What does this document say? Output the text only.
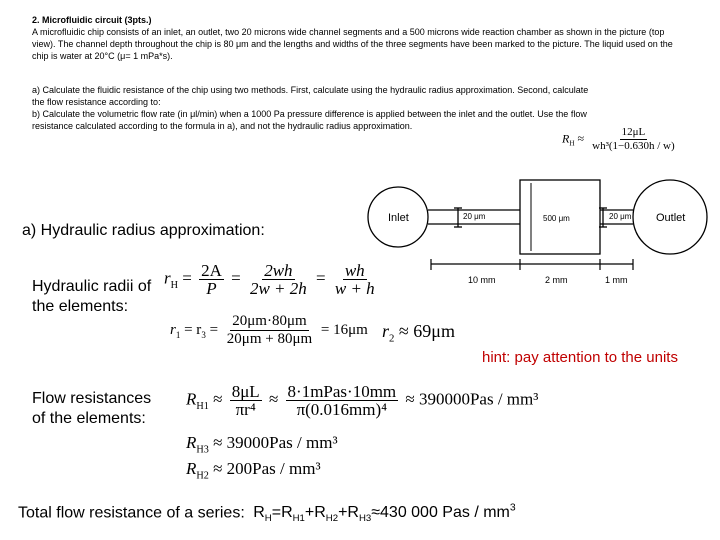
2. Microfluidic circuit (3pts.)
A microfluidic chip consists of an inlet, an outlet, two 20 microns wide channel segments and a 500 microns wide reaction chamber as shown in the picture (top view). The channel depth throughout the chip is 80 μm and the lengths and widths of the three segments have been marked to the picture. The liquid used on the chip is water at 20°C (μ= 1 mPa*s).
a) Calculate the fluidic resistance of the chip using two methods. First, calculate using the hydraulic radius approximation. Second, calculate the flow resistance according to:
b) Calculate the volumetric flow rate (in μl/min) when a 1000 Pa pressure difference is applied between the inlet and the outlet. Use the flow resistance calculated according to the formula in a), and not the hydraulic radius approximation.
$R_H \approx \frac{12\mu L}{\text{wh³(1−0.630h / w)}}$
Inlet	Outlet
20 μm	500 μm	20 μm
10 mm	2 mm	1 mm
a) Hydraulic radius approximation:
Hydraulic radii of the elements:
$r_H = \frac{2A}{P} = \frac{2wh}{2w + 2h} = \frac{wh}{w + h}$
$r_1 = r_3 = \frac{20\mu m\cdot 80\mu m}{20\mu m + 80\mu m} = 16\mu m$ $r_2 \approx 69\mu m$
hint: pay attention to the units
Flow resistances of the elements:
$R_{H1} \approx \frac{8\mu L}{\text{πr⁴}} \approx \frac{\text{8·1mPas·10mm}}{\text{π(0.016mm)⁴}} \approx 390000Pas / mm^3$
$R_{H3} \approx 39000Pas / mm^3$
$R_{H2} \approx 200Pas / mm^3$
Total flow resistance of a series: $R_H=R_{H1}+R_{H2}+R_{H3}\approx 430$ 000 Pas / $mm^3$
